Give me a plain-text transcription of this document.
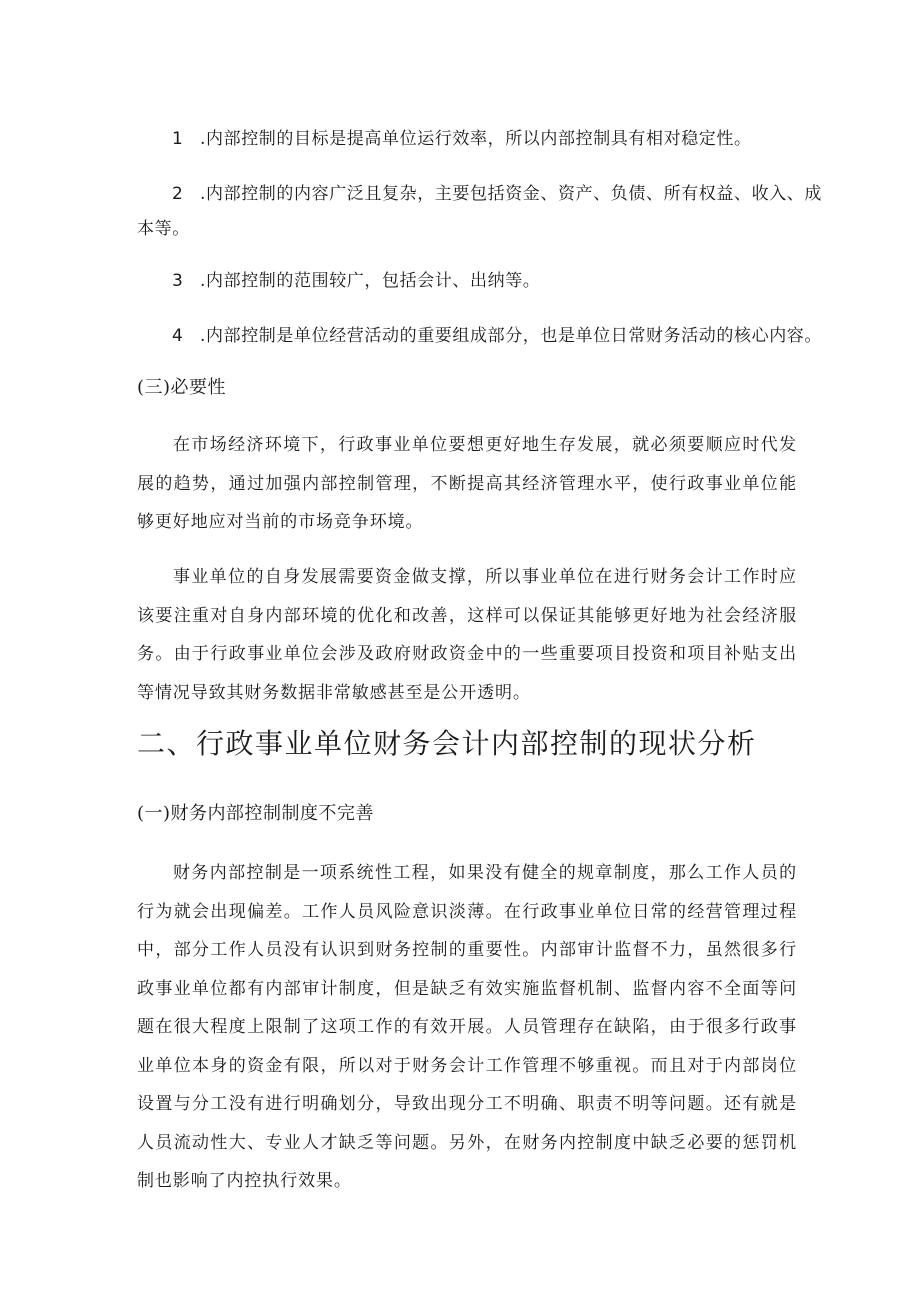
1 .内部控制的目标是提高单位运行效率，所以内部控制具有相对稳定性。
2 .内部控制的内容广泛且复杂，主要包括资金、资产、负债、所有权益、收入、成
本等。
3 .内部控制的范围较广，包括会计、出纳等。
4 .内部控制是单位经营活动的重要组成部分，也是单位日常财务活动的核心内容。
(三)必要性

在市场经济环境下，行政事业单位要想更好地生存发展，就必须要顺应时代发展的趋势，通过加强内部控制管理，不断提高其经济管理水平，使行政事业单位能够更好地应对当前的市场竞争环境。

事业单位的自身发展需要资金做支撑，所以事业单位在进行财务会计工作时应该要注重对自身内部环境的优化和改善，这样可以保证其能够更好地为社会经济服务。由于行政事业单位会涉及政府财政资金中的一些重要项目投资和项目补贴支出等情况导致其财务数据非常敏感甚至是公开透明。

二、行政事业单位财务会计内部控制的现状分析
(一)财务内部控制制度不完善

财务内部控制是一项系统性工程，如果没有健全的规章制度，那么工作人员的行为就会出现偏差。工作人员风险意识淡薄。在行政事业单位日常的经营管理过程中，部分工作人员没有认识到财务控制的重要性。内部审计监督不力，虽然很多行政事业单位都有内部审计制度，但是缺乏有效实施监督机制、监督内容不全面等问题在很大程度上限制了这项工作的有效开展。人员管理存在缺陷，由于很多行政事业单位本身的资金有限，所以对于财务会计工作管理不够重视。而且对于内部岗位设置与分工没有进行明确划分，导致出现分工不明确、职责不明等问题。还有就是人员流动性大、专业人才缺乏等问题。另外，在财务内控制度中缺乏必要的惩罚机制也影响了内控执行效果。
